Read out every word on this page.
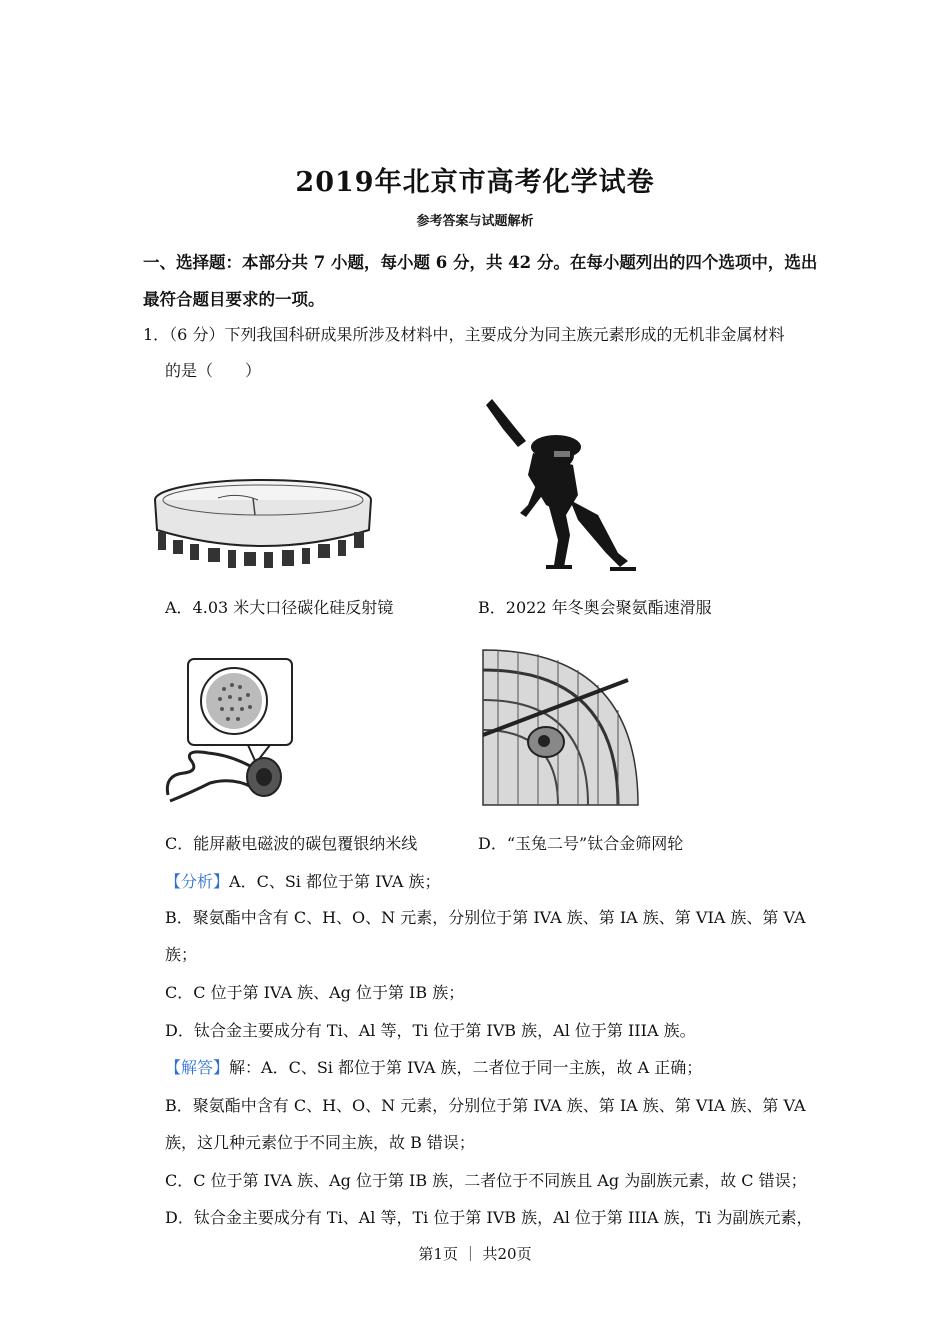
2019年北京市高考化学试卷
参考答案与试题解析
一、选择题：本部分共 7 小题，每小题 6 分，共 42 分。在每小题列出的四个选项中，选出
最符合题目要求的一项。
1．（6 分）下列我国科研成果所涉及材料中，主要成分为同主族元素形成的无机非金属材料
的是（　　）
A．4.03 米大口径碳化硅反射镜	B．2022 年冬奥会聚氨酯速滑服
C．能屏蔽电磁波的碳包覆银纳米线	D．“玉兔二号”钛合金筛网轮
【分析】A．C、Si 都位于第 IVA 族；
B．聚氨酯中含有 C、H、O、N 元素，分别位于第 IVA 族、第 IA 族、第 VIA 族、第 VA
族；
C．C 位于第 IVA 族、Ag 位于第 IB 族；
D．钛合金主要成分有 Ti、Al 等，Ti 位于第 IVB 族，Al 位于第 IIIA 族。
【解答】解：A．C、Si 都位于第 IVA 族，二者位于同一主族，故 A 正确；
B．聚氨酯中含有 C、H、O、N 元素，分别位于第 IVA 族、第 IA 族、第 VIA 族、第 VA
族，这几种元素位于不同主族，故 B 错误；
C．C 位于第 IVA 族、Ag 位于第 IB 族，二者位于不同族且 Ag 为副族元素，故 C 错误；
D．钛合金主要成分有 Ti、Al 等，Ti 位于第 IVB 族，Al 位于第 IIIA 族，Ti 为副族元素，
第1页 ｜ 共20页
